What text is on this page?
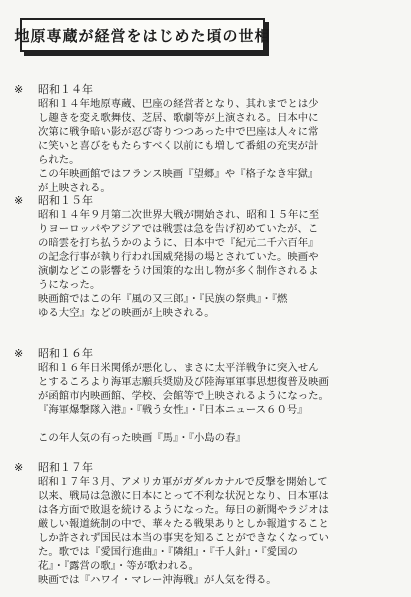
地原専蔵が経営をはじめた頃の世相
※ 昭和１４年
昭和１４年地原専蔵、巴座の経営者となり、其れまでとは少
し趣きを変え歌舞伎、芝居、歌劇等が上演される。日本中に
次第に戦争暗い影が忍び寄りつつあった中で巴座は人々に常
に笑いと喜びをもたらすべく以前にも増して番組の充実が計
られた。
この年映画館ではフランス映画『望郷』や『格子なき牢獄』
が上映される。
※ 昭和１５年
昭和１４年９月第二次世界大戦が開始され、昭和１５年に至
りヨーロッパやアジアでは戦雲は急を告げ初めていたが、こ
の暗雲を打ち払うかのように、日本中で『紀元二千六百年』
の記念行事が執り行われ国威発揚の場とされていた。映画や
演劇などこの影響をうけ国策的な出し物が多く制作されるよ
うになった。
映画館ではこの年『風の又三郎』・『民族の祭典』・『燃
ゆる大空』などの映画が上映される。
※ 昭和１６年
昭和１６年日米関係が悪化し、まさに太平洋戦争に突入せん
とするころより海軍志願兵奨励及び陸海軍軍事思想復普及映画
が函館市内映画館、学校、会館等で上映されるようになった。
『海軍爆撃隊入港』・『戦う女性』・『日本ニュース６０号』
この年人気の有った映画『馬』・『小島の春』
※ 昭和１７年
昭和１７年３月、アメリカ軍がガダルカナルで反撃を開始して
以来、戦局は急激に日本にとって不利な状況となり、日本軍は
は各方面で敗退を続けるようになった。毎日の新聞やラジオは
厳しい報道統制の中で、華々たる戦果ありとしか報道すること
しか許されず国民は本当の事実を知ることができなくなってい
た。歌では『愛国行進曲』・『隣組』・『千人針』・『愛国の
花』・『露営の歌』・等が歌われる。
映画では『ハワイ・マレー沖海戦』が人気を得る。
